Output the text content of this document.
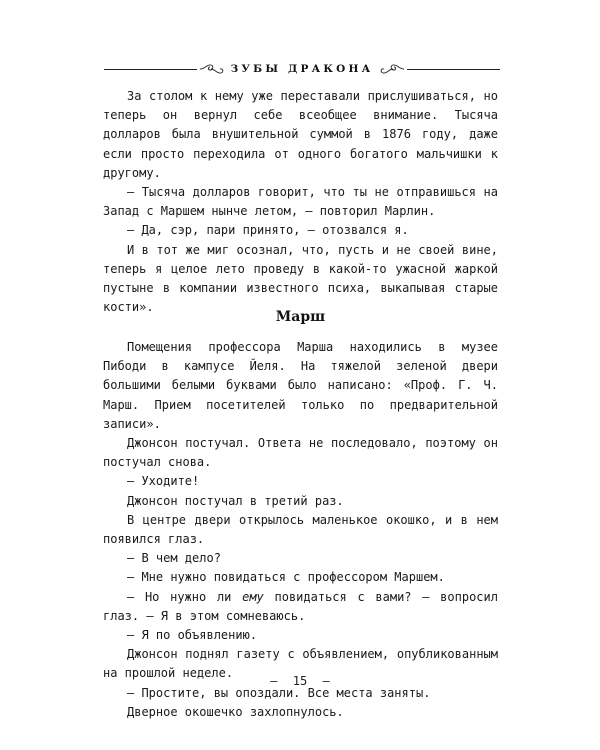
ЗУБЫ ДРАКОНА

За столом к нему уже переставали прислушиваться, но теперь он вернул себе всеобщее внимание. Тысяча долларов была внушительной суммой в 1876 году, даже если просто переходила от одного богатого мальчишки к другому.

— Тысяча долларов говорит, что ты не отправишься на Запад с Маршем нынче летом, — повторил Марлин.

— Да, сэр, пари принято, — отозвался я.

И в тот же миг осознал, что, пусть и не своей вине, теперь я целое лето проведу в какой-то ужасной жаркой пустыне в компании известного психа, выкапывая старые кости».

Марш

Помещения профессора Марша находились в музее Пибоди в кампусе Йеля. На тяжелой зеленой двери большими белыми буквами было написано: «Проф. Г. Ч. Марш. Прием посетителей только по предварительной записи».

Джонсон постучал. Ответа не последовало, поэтому он постучал снова.

— Уходите!

Джонсон постучал в третий раз.

В центре двери открылось маленькое окошко, и в нем появился глаз.

— В чем дело?

— Мне нужно повидаться с профессором Маршем.

— Но нужно ли ему повидаться с вами? — вопросил глаз. — Я в этом сомневаюсь.

— Я по объявлению.

Джонсон поднял газету с объявлением, опубликованным на прошлой неделе.

— Простите, вы опоздали. Все места заняты.

Дверное окошечко захлопнулось.

— 15 —
